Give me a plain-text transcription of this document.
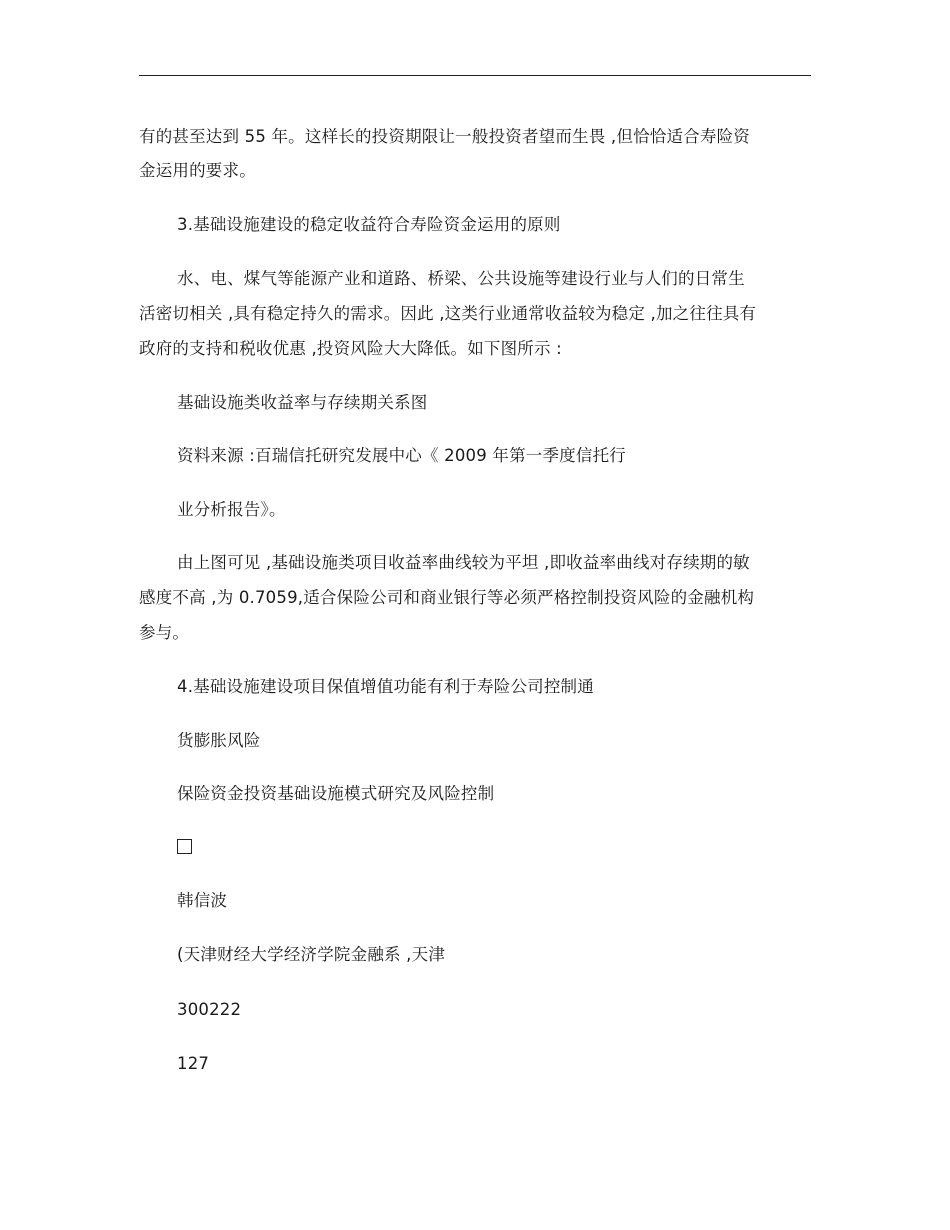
有的甚至达到 55 年。这样长的投资期限让一般投资者望而生畏 ,但恰恰适合寿险资
金运用的要求。
3.基础设施建设的稳定收益符合寿险资金运用的原则
水、电、煤气等能源产业和道路、桥梁、公共设施等建设行业与人们的日常生
活密切相关 ,具有稳定持久的需求。因此 ,这类行业通常收益较为稳定 ,加之往往具有
政府的支持和税收优惠 ,投资风险大大降低。如下图所示 :
基础设施类收益率与存续期关系图
资料来源 :百瑞信托研究发展中心《 2009 年第一季度信托行
业分析报告》。
由上图可见 ,基础设施类项目收益率曲线较为平坦 ,即收益率曲线对存续期的敏
感度不高 ,为 0.7059,适合保险公司和商业银行等必须严格控制投资风险的金融机构
参与。
4.基础设施建设项目保值增值功能有利于寿险公司控制通
货膨胀风险
保险资金投资基础设施模式研究及风险控制
韩信波
(天津财经大学经济学院金融系 ,天津
300222
127
